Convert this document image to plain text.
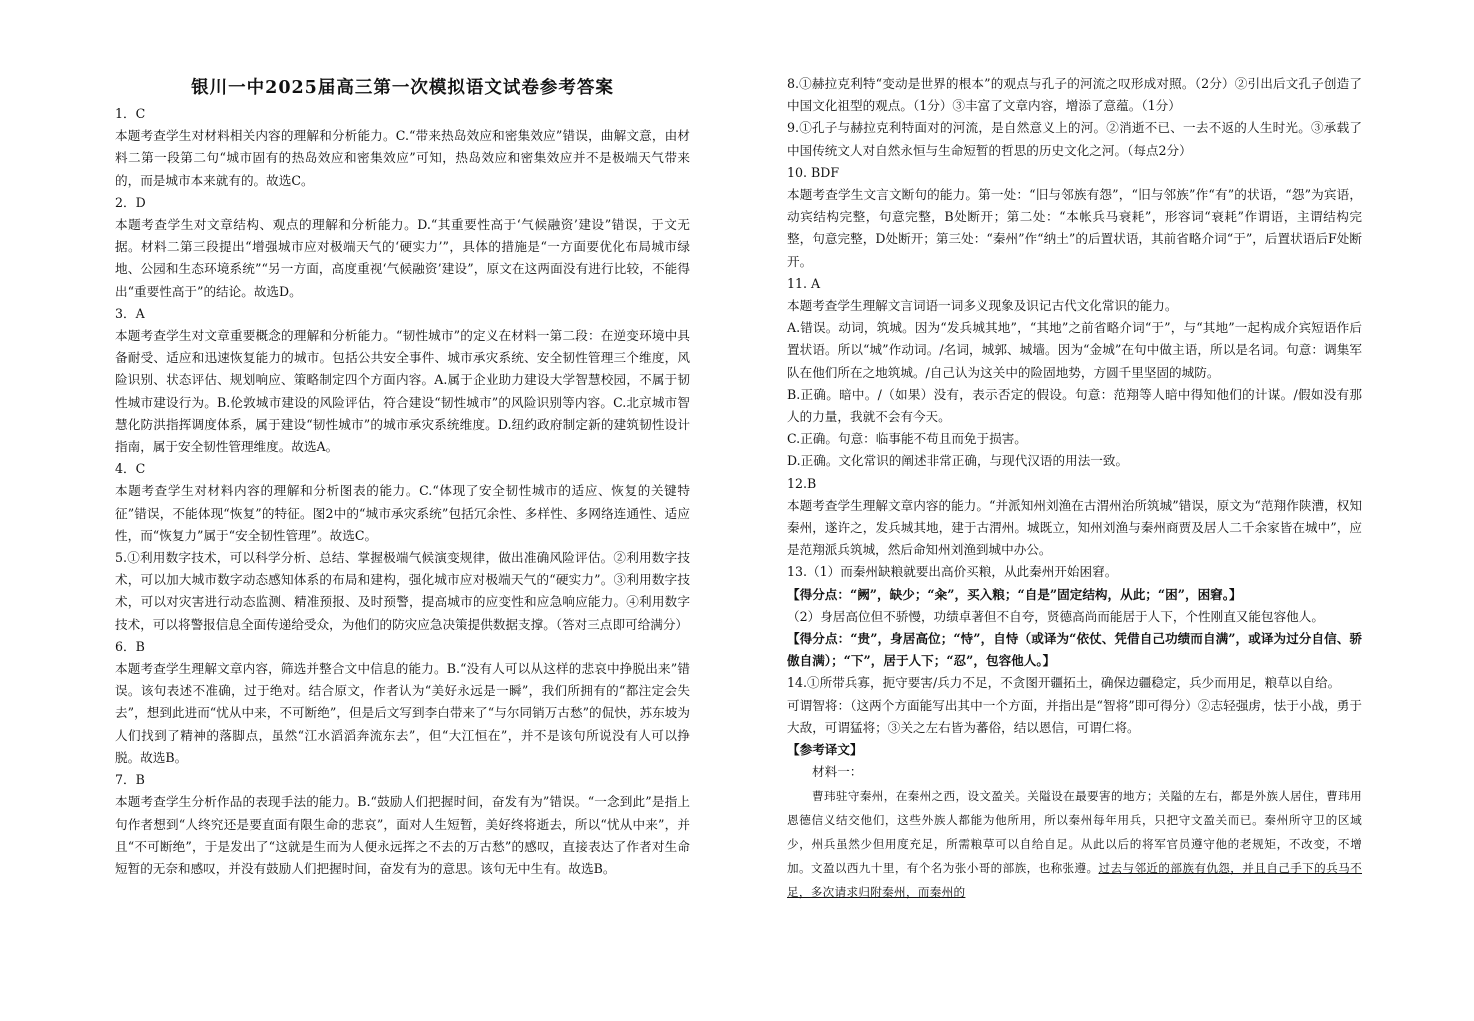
银川一中2025届高三第一次模拟语文试卷参考答案

1．C

本题考查学生对材料相关内容的理解和分析能力。C.“带来热岛效应和密集效应”错误，曲解文意，由材料二第一段第二句“城市固有的热岛效应和密集效应”可知，热岛效应和密集效应并不是极端天气带来的，而是城市本来就有的。故选C。

2．D

本题考查学生对文章结构、观点的理解和分析能力。D.“其重要性高于‘气候融资’建设”错误，于文无据。材料二第三段提出“增强城市应对极端天气的‘硬实力’”，具体的措施是“一方面要优化布局城市绿地、公园和生态环境系统”“另一方面，高度重视‘气候融资’建设”，原文在这两面没有进行比较，不能得出“重要性高于”的结论。故选D。

3．A

本题考查学生对文章重要概念的理解和分析能力。“韧性城市”的定义在材料一第二段：在逆变环境中具备耐受、适应和迅速恢复能力的城市。包括公共安全事件、城市承灾系统、安全韧性管理三个维度，风险识别、状态评估、规划响应、策略制定四个方面内容。A.属于企业助力建设大学智慧校园，不属于韧性城市建设行为。B.伦敦城市建设的风险评估，符合建设“韧性城市”的风险识别等内容。C.北京城市智慧化防洪指挥调度体系，属于建设“韧性城市”的城市承灾系统维度。D.纽约政府制定新的建筑韧性设计指南，属于安全韧性管理维度。故选A。

4．C

本题考查学生对材料内容的理解和分析图表的能力。C.“体现了安全韧性城市的适应、恢复的关键特征”错误，不能体现“恢复”的特征。图2中的“城市承灾系统”包括冗余性、多样性、多网络连通性、适应性，而“恢复力”属于“安全韧性管理”。故选C。

5.①利用数字技术，可以科学分析、总结、掌握极端气候演变规律，做出准确风险评估。②利用数字技术，可以加大城市数字动态感知体系的布局和建构，强化城市应对极端天气的“硬实力”。③利用数字技术，可以对灾害进行动态监测、精准预报、及时预警，提高城市的应变性和应急响应能力。④利用数字技术，可以将警报信息全面传递给受众，为他们的防灾应急决策提供数据支撑。（答对三点即可给满分）

6．B

本题考查学生理解文章内容，筛选并整合文中信息的能力。B.“没有人可以从这样的悲哀中挣脱出来”错误。该句表述不准确，过于绝对。结合原文，作者认为“美好永远是一瞬”，我们所拥有的“都注定会失去”，想到此进而“忧从中来，不可断绝”，但是后文写到李白带来了“与尔同销万古愁”的侃快，苏东坡为人们找到了精神的落脚点，虽然“江水滔滔奔流东去”，但“大江恒在”，并不是该句所说没有人可以挣脱。故选B。

7．B

本题考查学生分析作品的表现手法的能力。B.“鼓励人们把握时间，奋发有为”错误。“一念到此”是指上句作者想到“人终究还是要直面有限生命的悲哀”，面对人生短暂，美好终将逝去，所以“忧从中来”，并且“不可断绝”，于是发出了“这就是生而为人便永远挥之不去的万古愁”的感叹，直接表达了作者对生命短暂的无奈和感叹，并没有鼓励人们把握时间，奋发有为的意思。该句无中生有。故选B。

8.①赫拉克利特“变动是世界的根本”的观点与孔子的河流之叹形成对照。（2分）②引出后文孔子创造了中国文化祖型的观点。（1分）③丰富了文章内容，增添了意蕴。（1分）

9.①孔子与赫拉克利特面对的河流，是自然意义上的河。②消逝不已、一去不返的人生时光。③承载了中国传统文人对自然永恒与生命短暂的哲思的历史文化之河。（每点2分）

10. BDF

本题考查学生文言文断句的能力。第一处：“旧与邻族有怨”，“旧与邻族”作“有”的状语，“怨”为宾语，动宾结构完整，句意完整，B处断开；第二处：“本帐兵马衰耗”，形容词“衰耗”作谓语，主谓结构完整，句意完整，D处断开；第三处：“秦州”作“纳土”的后置状语，其前省略介词“于”，后置状语后F处断开。

11. A

本题考查学生理解文言词语一词多义现象及识记古代文化常识的能力。

A.错误。动词，筑城。因为“发兵城其地”，“其地”之前省略介词“于”，与“其地”一起构成介宾短语作后置状语。所以“城”作动词。/名词，城郭、城墙。因为“金城”在句中做主语，所以是名词。句意：调集军队在他们所在之地筑城。/自己认为这关中的险固地势，方圆千里坚固的城防。

B.正确。暗中。/（如果）没有，表示否定的假设。句意：范翔等人暗中得知他们的计谋。/假如没有那人的力量，我就不会有今天。

C.正确。句意：临事能不苟且而免于损害。

D.正确。文化常识的阐述非常正确，与现代汉语的用法一致。

12.B

本题考查学生理解文章内容的能力。“并派知州刘渔在古渭州治所筑城”错误，原文为“范翔作陕漕，权知秦州，遂许之，发兵城其地，建于古渭州。城既立，知州刘渔与秦州商贾及居人二千余家皆在城中”，应是范翔派兵筑城，然后命知州刘渔到城中办公。

13.（1）而秦州缺粮就要出高价买粮，从此秦州开始困窘。

【得分点：“阙”，缺少；“籴”，买入粮；“自是”固定结构，从此；“困”，困窘。】

（2）身居高位但不骄慢，功绩卓著但不自夸，贤德高尚而能居于人下，个性刚直又能包容他人。

【得分点：“贵”，身居高位；“恃”，自恃（或译为“依仗、凭借自己功绩而自满”，或译为过分自信、骄傲自满）；“下”，居于人下；“忍”，包容他人。】

14.①所带兵寡，扼守要害/兵力不足，不贪图开疆拓土，确保边疆稳定，兵少而用足，粮草以自给。

可谓智将：（这两个方面能写出其中一个方面，并指出是“智将”即可得分）②志轻强虏，怯于小战，勇于大敌，可谓猛将；③关之左右皆为蕃俗，结以恩信，可谓仁将。

【参考译文】

材料一：

曹玮驻守秦州，在秦州之西，设文盈关。关隘设在最要害的地方；关隘的左右，都是外族人居住，曹玮用恩德信义结交他们，这些外族人都能为他所用，所以秦州每年用兵，只把守文盈关而已。秦州所守卫的区域少，州兵虽然少但用度充足，所需粮草可以自给自足。从此以后的将军官员遵守他的老规矩，不改变，不增加。文盈以西九十里，有个名为张小哥的部族，也称张遵。过去与邻近的部族有仇怨，并且自己手下的兵马不足，多次请求归附秦州，而秦州的
